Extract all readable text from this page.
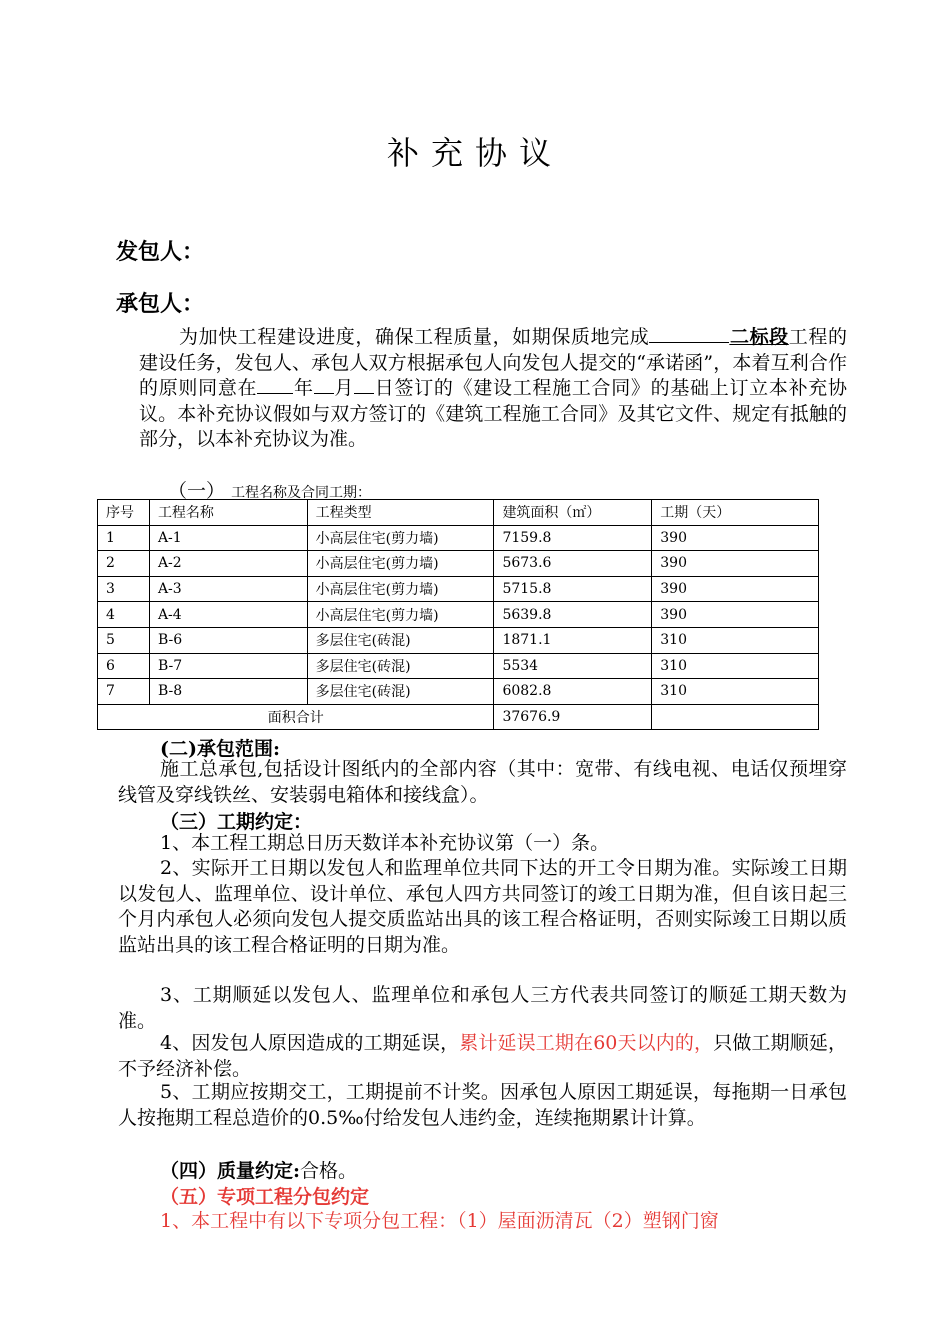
补充协议
发包人：
承包人：
为加快工程建设进度，确保工程质量，如期保质地完成	二标段工程的建设任务，发包人、承包人双方根据承包人向发包人提交的“承诺函”，本着互利合作的原则同意在 年 月 日签订的《建设工程施工合同》的基础上订立本补充协议。本补充协议假如与双方签订的《建筑工程施工合同》及其它文件、规定有抵触的部分，以本补充协议为准。
（一） 工程名称及合同工期：
序号	工程名称	工程类型	建筑面积（㎡）	工期（天）
1	A-1	小高层住宅(剪力墙)	7159.8	390
2	A-2	小高层住宅(剪力墙)	5673.6	390
3	A-3	小高层住宅(剪力墙)	5715.8	390
4	A-4	小高层住宅(剪力墙)	5639.8	390
5	B-6	多层住宅(砖混)	1871.1	310
6	B-7	多层住宅(砖混)	5534	310
7	B-8	多层住宅(砖混)	6082.8	310
面积合计			37676.9	
(二)承包范围:
施工总承包,包括设计图纸内的全部内容（其中：宽带、有线电视、电话仅预埋穿线管及穿线铁丝、安装弱电箱体和接线盒）。
（三）工期约定：
1、本工程工期总日历天数详本补充协议第（一）条。
2、实际开工日期以发包人和监理单位共同下达的开工令日期为准。实际竣工日期以发包人、监理单位、设计单位、承包人四方共同签订的竣工日期为准，但自该日起三个月内承包人必须向发包人提交质监站出具的该工程合格证明，否则实际竣工日期以质监站出具的该工程合格证明的日期为准。
3、工期顺延以发包人、监理单位和承包人三方代表共同签订的顺延工期天数为准。
4、因发包人原因造成的工期延误，累计延误工期在60天以内的，只做工期顺延，不予经济补偿。
5、工期应按期交工，工期提前不计奖。因承包人原因工期延误，每拖期一日承包人按拖期工程总造价的0.5‰付给发包人违约金，连续拖期累计计算。
（四）质量约定:合格。
（五）专项工程分包约定
1、本工程中有以下专项分包工程：（1）屋面沥清瓦（2）塑钢门窗
